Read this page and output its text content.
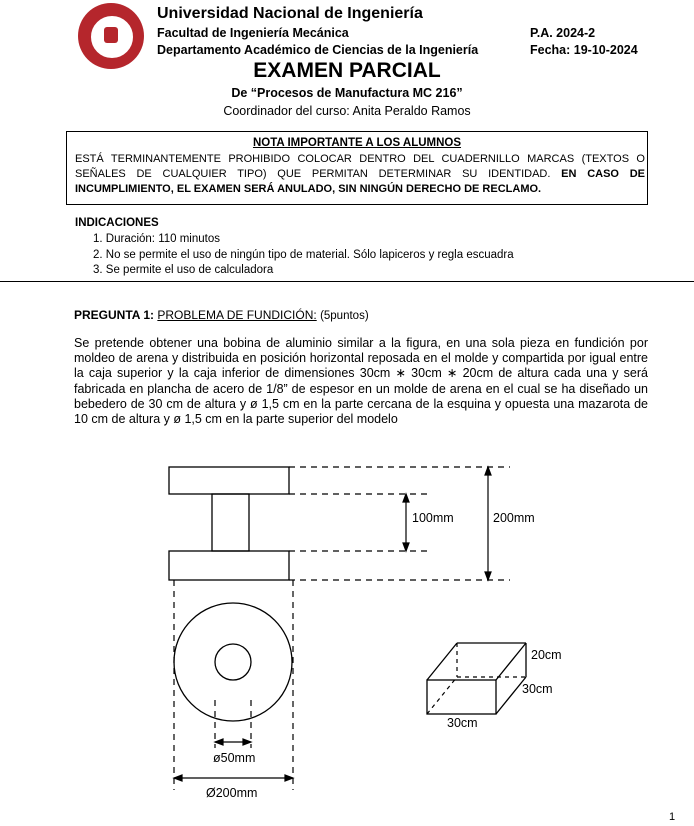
Universidad Nacional de Ingeniería
Facultad de Ingeniería Mecánica
Departamento Académico de Ciencias de la Ingeniería
P.A. 2024-2
Fecha: 19-10-2024
EXAMEN PARCIAL
De “Procesos de Manufactura MC 216”
Coordinador del curso: Anita Peraldo Ramos
NOTA IMPORTANTE A LOS ALUMNOS
ESTÁ TERMINANTEMENTE PROHIBIDO COLOCAR DENTRO DEL CUADERNILLO MARCAS (TEXTOS O SEÑALES DE CUALQUIER TIPO) QUE PERMITAN DETERMINAR SU IDENTIDAD. EN CASO DE INCUMPLIMIENTO, EL EXAMEN SERÁ ANULADO, SIN NINGÚN DERECHO DE RECLAMO.
INDICACIONES
1. Duración: 110 minutos
2. No se permite el uso de ningún tipo de material. Sólo lapiceros y regla escuadra
3. Se permite el uso de calculadora
PREGUNTA 1: PROBLEMA DE FUNDICIÓN: (5puntos)
Se pretende obtener una bobina de aluminio similar a la figura, en una sola pieza en fundición por moldeo de arena y distribuida en posición horizontal reposada en el molde y compartida por igual entre la caja superior y la caja inferior de dimensiones 30cm ∗ 30cm ∗ 20cm de altura cada una y será fabricada en plancha de acero de 1/8” de espesor en un molde de arena en el cual se ha diseñado un bebedero de 30 cm de altura y ø 1,5 cm en la parte cercana de la esquina y opuesta una mazarota de 10 cm de altura y ø 1,5 cm en la parte superior del modelo
100mm	200mm
ø50mm
Ø200mm
20cm
30cm
30cm
1
